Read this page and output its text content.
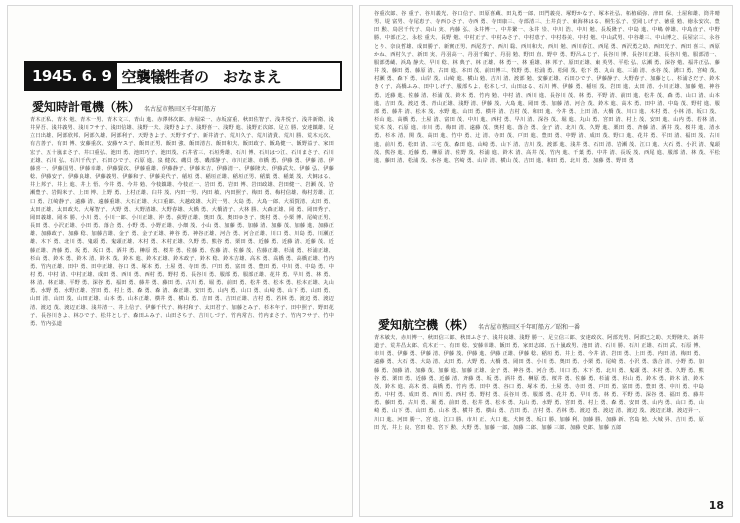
1945. 6. 9 空襲犠牲者の　おなまえ
愛知時計電機（株） 名古屋市熱田区千年町船方
青木正私、青木 勉、青木一男、青木文三、青山 進、赤澤林次郎、赤堀栄一、赤坂富重、秋田佐智子、浅井悦子、浅井新衛、浅井昇吾、浅井義男、浅川フサ子、浅田信雄、浅野一夫、浅野きよ子、浅野喜一、浅野 進、浅野正次郎、足立 勝、安達鎮雄、足立日出雄、阿部欣邦、阿部久雄、阿部利子、天野きよ子、天野すず子、新井清子、荒川久子、荒川清貴、荒川 勝、荒木元次、有吉善子、有田 博、安藤重次、安藤ヤス子、飯田正男、飯田 強、飯田清吉、飯田和夫、飯田政子、飯島健一、飯野益子、家田宏子、五十嵐まさ子、井口重弘、池田 勇、池田巧子、池田茂、石井省三、石垣秀雄、石川 博、石川はつ江、石川まさ子、石川正雄、石川 弘、石川千代子、石田ひで子、石原 進、泉 健次、磯貝 勇、磯部静子、市川正雄、市橋 勇、伊藤 勇、伊藤 清、伊藤喜一、伊藤国男、伊藤幸雄、伊藤賢次、伊藤重雄、伊藤静子、伊藤末吉、伊藤清一、伊藤隆夫、伊藤武夫、伊藤 弘、伊藤 稔、伊藤安子、伊藤良雄、伊藤義男、伊藤和子、伊藤美代子、稲垣 勇、稲垣正雄、稲垣正男、稲葉 勇、稲葉 茂、犬飼はる、井上邦子、井上 進、井上 悟、今井 勇、今井 勉、今枝鎮雄、今枝正一、岩田 勇、岩田 博、岩田政雄、岩田健一、岩瀬 茂、岩瀬豊子、岩間米子、上田 博、上野 勇、上村正雄、臼井 茂、内田一男、内田 敏、内田照子、梅田 勇、梅村信雄、梅村芳雄、江口 勇、江崎静子、遠藤 清、遠藤重雄、大石正雄、大口重郎、大越政雄、大沢一男、大島 勇、大島一郎、大須賀清、太田 勇、太田正雄、太田政夫、大塚智子、大野 勇、大野清雄、大野春雄、大橋 勇、大橋清子、大林 勝、大森正雄、岡 勇、岡田秀子、岡田義雄、岡本 勝、小川 勇、小川一郎、小川正雄、沖 勇、荻野正雄、奥田 茂、奥田ゆき子、奥村 勇、小栗 博、尾崎正男、長田 勇、小沢正雄、小田 勇、落合 勇、小野 勇、小野正雄、小畑 茂、小山 勇、加藤 勇、加藤 清、加藤 茂、加藤 進、加藤正雄、加藤政子、加藤 稔、加藤吉雄、金子 勇、金子正雄、神谷 勇、神谷正雄、河合 勇、河合正雄、川口 勇、川島 勇、川瀬正雄、木下 勇、北川 勇、鬼頭 勇、鬼頭正雄、木村 勇、木村正雄、久野 勇、熊谷 勇、栗田 勇、近藤 勇、近藤 清、近藤 茂、近藤正雄、斉藤 勇、坂 勇、坂口 勇、酒井 勇、榊原 勇、桜井 勇、佐藤 勇、佐藤 清、佐藤 茂、佐藤正雄、杉浦 勇、杉浦正雄、杉山 勇、鈴木 勇、鈴木 清、鈴木 茂、鈴木 進、鈴木正雄、鈴木政子、鈴木 稔、鈴木吉雄、高木 勇、高橋 勇、高橋正雄、竹内 勇、竹内正雄、田中 勇、田中正雄、谷口 勇、塚本 勇、土屋 勇、寺田 勇、戸田 勇、富田 勇、豊田 勇、中川 勇、中島 勇、中村 勇、中村 清、中村正雄、成田 勇、西川 勇、西村 勇、野村 勇、長谷川 勇、服部 勇、服部正雄、花井 勇、早川 勇、林 勇、林 清、林正雄、平野 勇、深谷 勇、福田 勇、藤井 勇、藤田 勇、古川 勇、堀 勇、前田 勇、松井 勇、松本 勇、松本正雄、丸山 勇、水野 勇、水野正雄、宮田 勇、村上 勇、森 勇、森 清、森正雄、安田 勇、山内 勇、山口 勇、山崎 勇、山下 勇、山田 勇、山田 清、山田 茂、山田正雄、山本 勇、山本正雄、横井 勇、横山 勇、吉田 勇、吉田正雄、吉村 勇、若林 勇、渡辺 勇、渡辺 清、渡辺 茂、渡辺正雄、浅井清一、井上信子、伊藤千代子、梅村和子、太田君子、加藤とみ子、杉本年子、田中照子、野田花子、長谷川きよ、林ひで子、松井とし子、森田ふみ子、山田さち子、吉川しづ子、竹内常吉、竹内まさ子、竹内フサ子、竹中 勇、竹内弘道
谷重次郎、谷 重子、谷川義光、谷口信子、田原喜蔵、田丸勇一郎、田門義亮、塚野かな子、塚本社弘、柘植碩弥、津田 保、土屋和雄、筒井晴男、堤 富男、寺尾恵子、寺西ひさ子、寺西 勇、寺田康三、寺部清三、土井貞子、東海林はる、桐生弘子、堂岡しげ子、徳重 勉、徳永安次、豊田 勲、鳥居千代子、鳥山 実、内藤 弘、永井博一、中井繁一、永井 崇、中川 浩、中川 勉、長坂隆子、中島 進、中嶋 幹雄、中島直子、中野 勝、中部正之、永松 重夫、長野 勉、中村正子、中村みさ子、中村恵子、中村春美、中村 勉、中山武男、中谷雄三、中山博之、長屋宗三、永谷とり、奈良哲雄、成田勝子、新實正男、西尾芳子、西川 聡、西川和夫、西川 勉、西川春江、西尾 勇、西沢勇之助、西田光子、西田 喜三、西原かね、西村久子、新田 実、丹羽高一、丹羽千鶴子、丹羽 勉、野田 直、野中 勇、野呂ふじ子、長谷川 博、長谷川正雄、長谷川 勉、服部清一、服部勇蔵、浜島 静夫、早川 稔、林 典子、林 正雄、林 勇一、林 重雄、林 邦子、原田正雄、東 英男、平松 弘、広瀬 勇、深谷 勉、福井正弘、藤井 茂、藤田 勇、藤原 清、古田 進、本田 茂、前田博三、牧野 勇、松浦 勇、松岡 茂、松下 勇、丸山 進、三浦 清、水谷 茂、溝口 勇、宮崎 茂、村瀬 勇、森下 勇、山岸 茂、山崎 進、横山 勉、吉川 清、渡部 勉、安藤正雄、石田ひで子、伊藤静子、大野春子、加藤とし、杉浦さだ子、鈴木きく子、高橋ふみ、田中しげ子、服部ちよ、松本しづ、山田はる、石川 博、伊藤 勇、稲垣 茂、岩田 進、太田 清、小川正雄、加藤 勉、神谷 勇、近藤 進、佐藤 清、杉浦 茂、鈴木 勇、竹内 勉、中村 清、西川 進、長谷川 茂、林 勇、平野 清、前田 進、松井 茂、森 勇、山口 清、山本 進、吉田 茂、渡辺 勇、青山正雄、浅野 清、伊藤 茂、大島 進、岡田 勇、加藤 清、河合 茂、鈴木 進、高木 勇、田中 清、中島 茂、野村 進、服部 勇、藤井 清、松本 茂、水野 進、山田 勇、横井 清、吉村 茂、和田 進、今井 勇、上田 清、大橋 茂、川口 進、木村 勇、小林 清、坂口 茂、杉山 進、高橋 勇、土屋 清、富田 茂、中川 進、西村 勇、早川 清、深谷 茂、堀 進、丸山 勇、宮田 清、村上 茂、安田 進、山内 勇、若林 清、荒木 茂、石原 進、市川 勇、梅田 清、遠藤 茂、奥村 進、落合 勇、金子 清、北川 茂、久野 進、栗田 勇、斉藤 清、酒井 茂、桜井 進、清水 勇、杉本 清、関 茂、高田 進、竹中 勇、辻 清、寺田 茂、戸田 進、豊田 勇、中野 清、成田 茂、野口 進、花井 勇、平田 清、福田 茂、古川 進、前川 勇、松田 清、三宅 茂、森田 進、山崎 勇、山下 清、吉川 茂、渡部 進、浅井 勇、石田 清、岩瀬 茂、江口 進、大石 勇、小沢 清、鬼頭 茂、熊谷 進、近藤 勇、榊原 清、佐野 茂、杉浦 進、鈴木 清、高井 茂、竹内 進、千葉 勇、中井 清、長坂 茂、西尾 進、服部 清、林 茂、平松 進、藤田 清、松浦 茂、水谷 進、宮崎 勇、山岸 清、横山 茂、吉田 進、和田 勇、北川 勇、加藤 勇、野田 勇
愛知航空機（株） 名古屋市熱田区千年町船方／昭和一番
青木敏夫、赤川博一、秋田信三郎、秋田ふさ子、浅井良雄、浅野 勝一、足立信三郎、安達政次、阿部光男、阿部巳之助、天野隆夫、新井道子、荒井昌太郎、荒木正一、有田 稔、安藤幸雄、飯田 勇、家田志郎、五十嵐政男、池田 清、石川 勝、石川 正雄、石田 武、石原 博、市川 勇、伊藤 勇、伊藤 清、伊藤 茂、伊藤 進、伊藤 正雄、伊藤 稔、稲垣 勇、井上 勇、今井 清、岩田 勇、上田 勇、内田 清、梅田 勇、遠藤 勇、大石 勇、大島 清、太田 勇、大野 勇、大橋 勇、岡田 勇、小川 勇、奥田 勇、小栗 勇、尾崎 勇、小沢 勇、落合 清、小野 勇、加藤 勇、加藤 清、加藤 茂、加藤 進、加藤 正雄、金子 勇、神谷 勇、河合 勇、川口 勇、木下 勇、北川 勇、鬼頭 勇、木村 勇、久野 勇、熊谷 勇、栗田 勇、近藤 勇、近藤 清、斉藤 勇、坂 勇、酒井 勇、榊原 勇、桜井 勇、佐藤 勇、杉浦 勇、杉山 勇、鈴木 勇、鈴木 清、鈴木 茂、鈴木 進、高木 勇、高橋 勇、竹内 勇、田中 勇、谷口 勇、塚本 勇、土屋 勇、寺田 勇、戸田 勇、富田 勇、豊田 勇、中川 勇、中島 勇、中村 勇、成田 勇、西川 勇、西村 勇、野村 勇、長谷川 勇、服部 勇、花井 勇、早川 勇、林 勇、平野 勇、深谷 勇、福田 勇、藤井 勇、藤田 勇、古川 勇、堀 勇、前田 勇、松井 勇、松本 勇、丸山 勇、水野 勇、宮田 勇、村上 勇、森 勇、安田 勇、山内 勇、山口 勇、山崎 勇、山下 勇、山田 勇、山本 勇、横井 勇、横山 勇、吉田 勇、吉村 勇、若林 勇、渡辺 勇、渡辺 清、渡辺 茂、渡辺正雄、渡辺昇一、川口 進、河田 勝一、宮 進、江口 勝、市川 正、大口 進、犬飼 勇、坂口 勝、加藤 利、加藤 勝、加藤 新、宮島 勉、大城 昇、吉川 勇、原田 光、井上 良、宮田 稔、宮下 勲、大野 勇、加藤 一郎、加藤 二郎、加藤 三郎、加藤 史郎、加藤 五郎
18
